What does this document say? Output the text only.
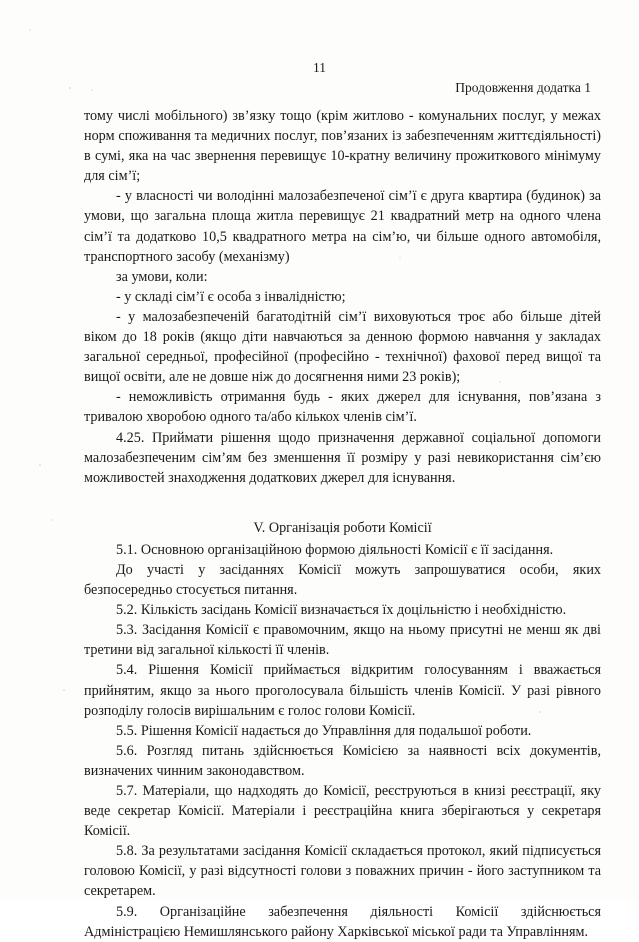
11

Продовження додатка 1

тому числі мобільного) зв’язку тощо (крім житлово - комунальних послуг, у межах норм споживання та медичних послуг, пов’язаних із забезпеченням життєдіяльності) в сумі, яка на час звернення перевищує 10-кратну величину прожиткового мінімуму для сім’ї;

- у власності чи володінні малозабезпеченої сім’ї є друга квартира (будинок) за умови, що загальна площа житла перевищує 21 квадратний метр на одного члена сім’ї та додатково 10,5 квадратного метра на сім’ю, чи більше одного автомобіля, транспортного засобу (механізму)

за умови, коли:

- у складі сім’ї є особа з інвалідністю;

- у малозабезпеченій багатодітній сім’ї виховуються троє або більше дітей віком до 18 років (якщо діти навчаються за денною формою навчання у закладах загальної середньої, професійної (професійно - технічної) фахової перед вищої та вищої освіти, але не довше ніж до досягнення ними 23 років);

- неможливість отримання будь - яких джерел для існування, пов’язана з тривалою хворобою одного та/або кількох членів сім’ї.

4.25. Приймати рішення щодо призначення державної соціальної допомоги малозабезпеченим сім’ям без зменшення її розміру у разі невикористання сім’єю можливостей знаходження додаткових джерел для існування.

V. Організація роботи Комісії

5.1. Основною організаційною формою діяльності Комісії є її засідання.

До участі у засіданнях Комісії можуть запрошуватися особи, яких безпосередньо стосується питання.

5.2. Кількість засідань Комісії визначається їх доцільністю і необхідністю.

5.3. Засідання Комісії є правомочним, якщо на ньому присутні не менш як дві третини від загальної кількості її членів.

5.4. Рішення Комісії приймається відкритим голосуванням і вважається прийнятим, якщо за нього проголосувала більшість членів Комісії. У разі рівного розподілу голосів вирішальним є голос голови Комісії.

5.5. Рішення Комісії надається до Управління для подальшої роботи.

5.6. Розгляд питань здійснюється Комісією за наявності всіх документів, визначених чинним законодавством.

5.7. Матеріали, що надходять до Комісії, реєструються в книзі реєстрації, яку веде секретар Комісії. Матеріали і реєстраційна книга зберігаються у секретаря Комісії.

5.8. За результатами засідання Комісії складається протокол, який підписується головою Комісії, у разі відсутності голови з поважних причин - його заступником та секретарем.

5.9. Організаційне забезпечення діяльності Комісії здійснюється Адміністрацією Немишлянського району Харківської міської ради та Управлінням.
